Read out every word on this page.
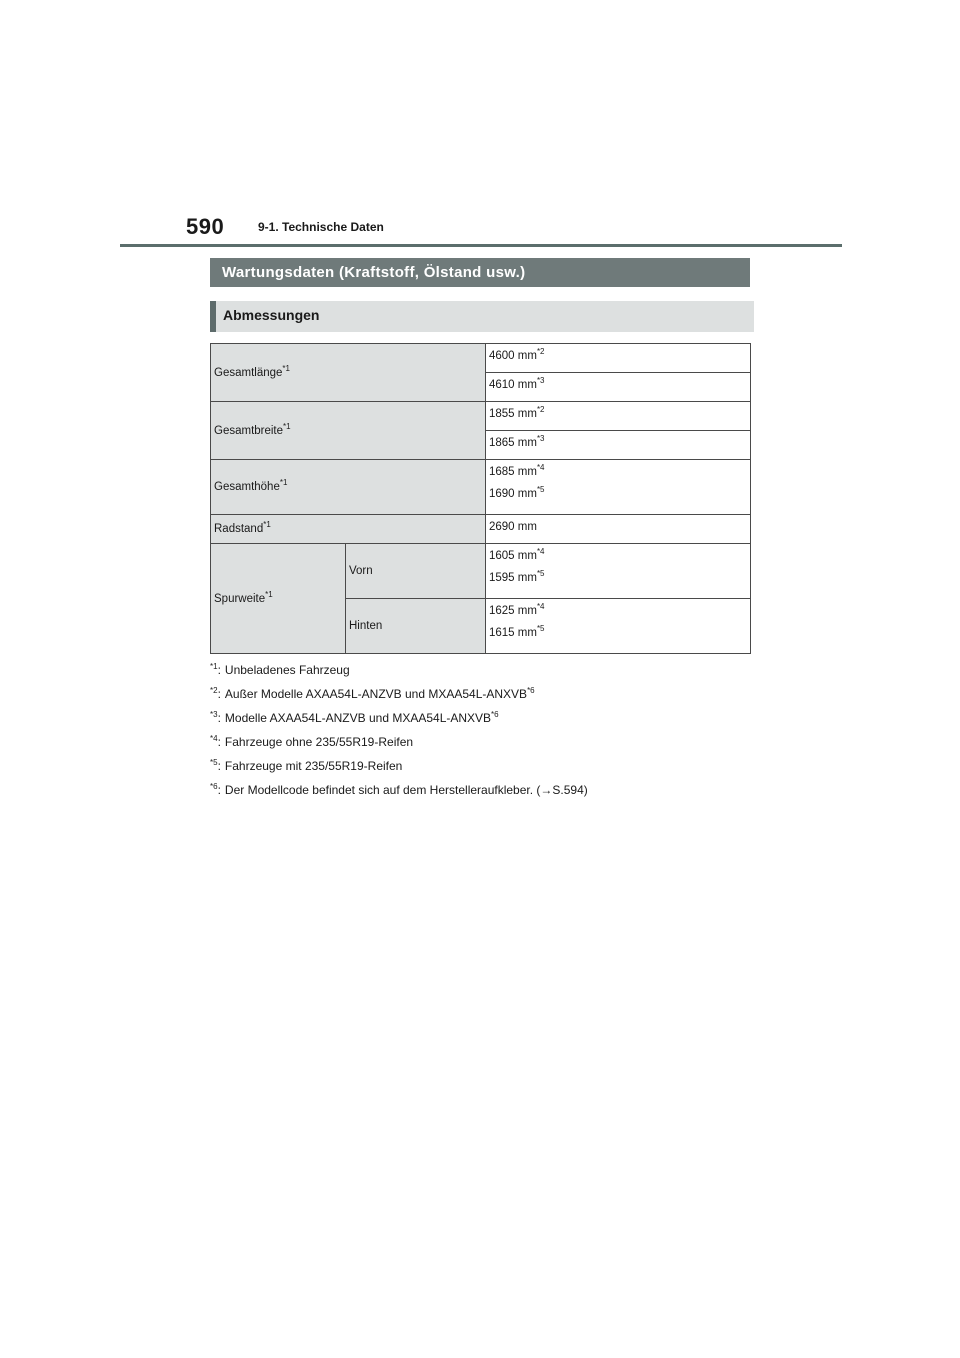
590	9-1. Technische Daten
Wartungsdaten (Kraftstoff, Ölstand usw.)
Abmessungen
Gesamtlänge$^{*1}$		4600 $mm^{*2}$
		4610 $mm^{*3}$
Gesamtbreite$^{*1}$		1855 $mm^{*2}$
		1865 $mm^{*3}$
Gesamthöhe$^{*1}$		1685 $mm^{*4}$
1690 $mm^{*5}$

Radstand$^{*1}$		2690 mm
Spurweite$^{*1}$	Vorn	1605 $mm^{*4}$
1595 $mm^{*5}$

	Hinten	1625 $mm^{*4}$
1615 $mm^{*5}$
$^{*1}$: Unbeladenes Fahrzeug
$^{*2}$: Außer Modelle AXAA54L-ANZVB und MXAA54L-ANXVB$^{*6}$
$^{*3}$: Modelle AXAA54L-ANZVB und MXAA54L-ANXVB$^{*6}$
$^{*4}$: Fahrzeuge ohne 235/55R19-Reifen
$^{*5}$: Fahrzeuge mit 235/55R19-Reifen
$^{*6}$: Der Modellcode befindet sich auf dem Herstelleraufkleber. (→S.594)
